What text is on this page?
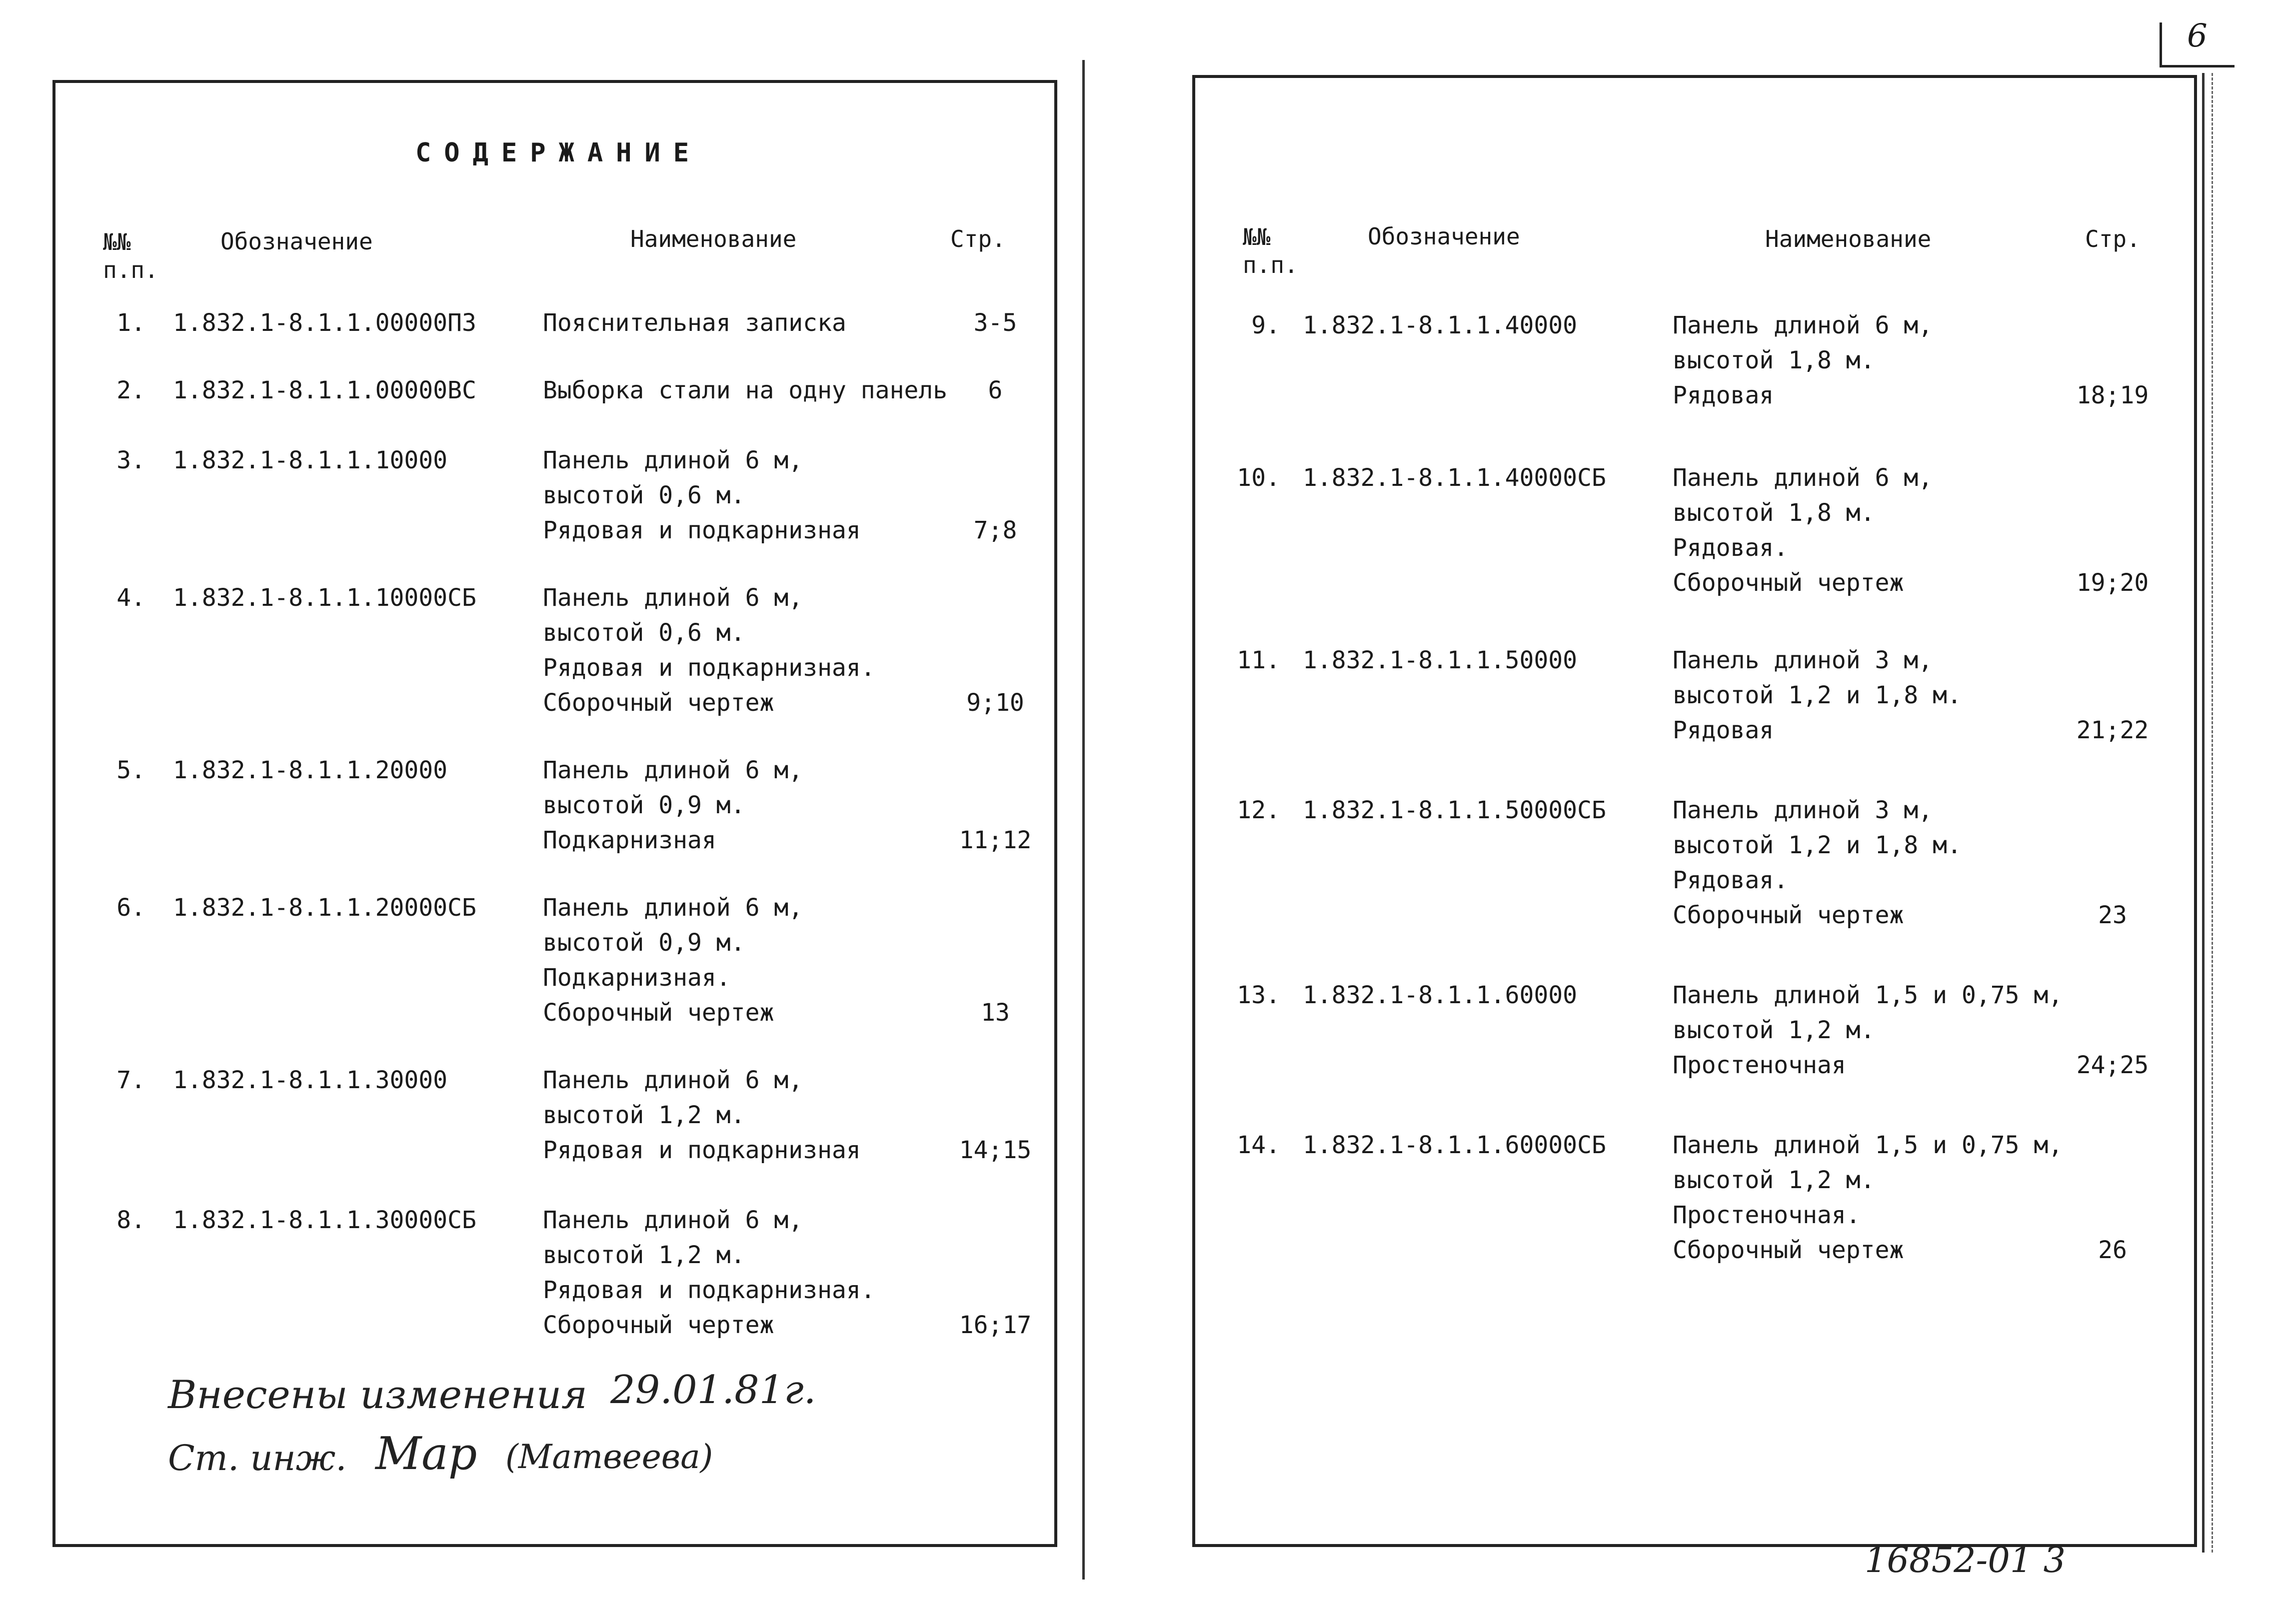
6
СОДЕРЖАНИЕ
№№
п.п.
Обозначение	Наименование	Стр.
1. 1.832.1-8.1.1.00000ПЗ	Пояснительная записка	3-5
2. 1.832.1-8.1.1.00000ВС	Выборка стали на одну панель	6
3. 1.832.1-8.1.1.10000	Панель длиной 6 м,
высотой 0,6 м.
Рядовая и подкарнизная	7;8
4. 1.832.1-8.1.1.10000СБ	Панель длиной 6 м,
высотой 0,6 м.
Рядовая и подкарнизная.
Сборочный чертеж	9;10
5. 1.832.1-8.1.1.20000	Панель длиной 6 м,
высотой 0,9 м.
Подкарнизная	11;12
6. 1.832.1-8.1.1.20000СБ	Панель длиной 6 м,
высотой 0,9 м.
Подкарнизная.
Сборочный чертеж	13
7. 1.832.1-8.1.1.30000	Панель длиной 6 м,
высотой 1,2 м.
Рядовая и подкарнизная	14;15
8. 1.832.1-8.1.1.30000СБ	Панель длиной 6 м,
высотой 1,2 м.
Рядовая и подкарнизная.
Сборочный чертеж	16;17
Внесены изменения 29.01.81г.
Ст. инж. Мар (Матвеева)
№№
п.п.
Обозначение	Наименование	Стр.
9. 1.832.1-8.1.1.40000	Панель длиной 6 м,
высотой 1,8 м.
Рядовая	18;19
10. 1.832.1-8.1.1.40000СБ	Панель длиной 6 м,
высотой 1,8 м.
Рядовая.
Сборочный чертеж	19;20
11. 1.832.1-8.1.1.50000	Панель длиной 3 м,
высотой 1,2 и 1,8 м.
Рядовая	21;22
12. 1.832.1-8.1.1.50000СБ	Панель длиной 3 м,
высотой 1,2 и 1,8 м.
Рядовая.
Сборочный чертеж	23
13. 1.832.1-8.1.1.60000	Панель длиной 1,5 и 0,75 м,
высотой 1,2 м.
Простеночная	24;25
14. 1.832.1-8.1.1.60000СБ	Панель длиной 1,5 и 0,75 м,
высотой 1,2 м.
Простеночная.
Сборочный чертеж	26
16852-01 3
